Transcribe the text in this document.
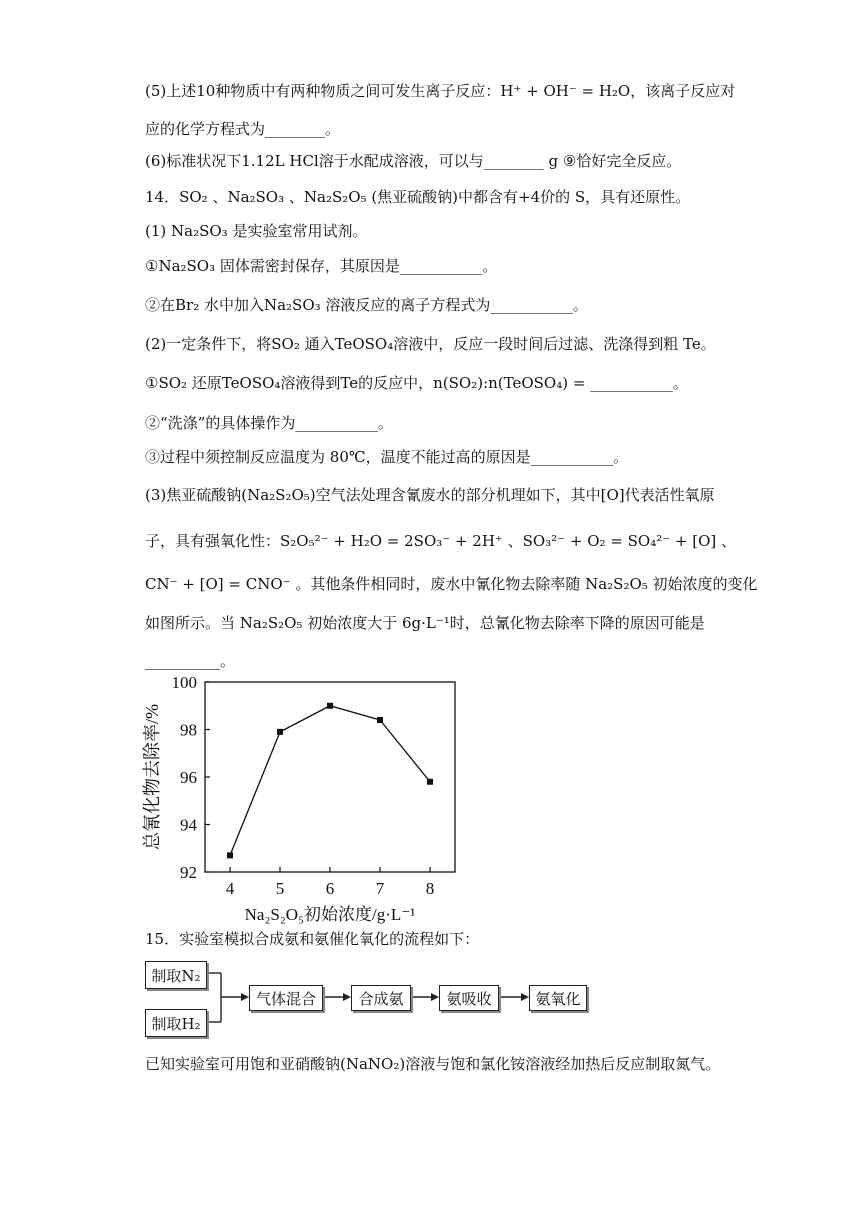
(5)上述10种物质中有两种物质之间可发生离子反应：H⁺ + OH⁻ = H₂O，该离子反应对
应的化学方程式为________。
(6)标准状况下1.12L HCl溶于水配成溶液，可以与________ g ⑨恰好完全反应。
14．SO₂ 、Na₂SO₃ 、Na₂S₂O₅ (焦亚硫酸钠)中都含有+4价的 S，具有还原性。
(1) Na₂SO₃ 是实验室常用试剂。
①Na₂SO₃ 固体需密封保存，其原因是___________。
②在Br₂ 水中加入Na₂SO₃ 溶液反应的离子方程式为___________。
(2)一定条件下，将SO₂ 通入TeOSO₄溶液中，反应一段时间后过滤、洗涤得到粗 Te。
①SO₂ 还原TeOSO₄溶液得到Te的反应中，n(SO₂):n(TeOSO₄) = ___________。
②“洗涤”的具体操作为___________。
③过程中须控制反应温度为 80℃，温度不能过高的原因是___________。
(3)焦亚硫酸钠(Na₂S₂O₅)空气法处理含氰废水的部分机理如下，其中[O]代表活性氧原
子，具有强氧化性：S₂O₅²⁻ + H₂O = 2SO₃⁻ + 2H⁺ 、SO₃²⁻ + O₂ = SO₄²⁻ + [O] 、
CN⁻ + [O] = CNO⁻ 。其他条件相同时，废水中氰化物去除率随 Na₂S₂O₅ 初始浓度的变化
如图所示。当 Na₂S₂O₅ 初始浓度大于 6g·L⁻¹时，总氰化物去除率下降的原因可能是
__________。
92
94
96
98
100
4 5 6 7 8
Na₂S₂O₅初始浓度/g·L⁻¹
总氰化物去除率/%
15．实验室模拟合成氨和氨催化氧化的流程如下：
制取N₂
制取H₂
气体混合	合成氨	氨吸收	氨氧化
已知实验室可用饱和亚硝酸钠(NaNO₂)溶液与饱和氯化铵溶液经加热后反应制取氮气。
